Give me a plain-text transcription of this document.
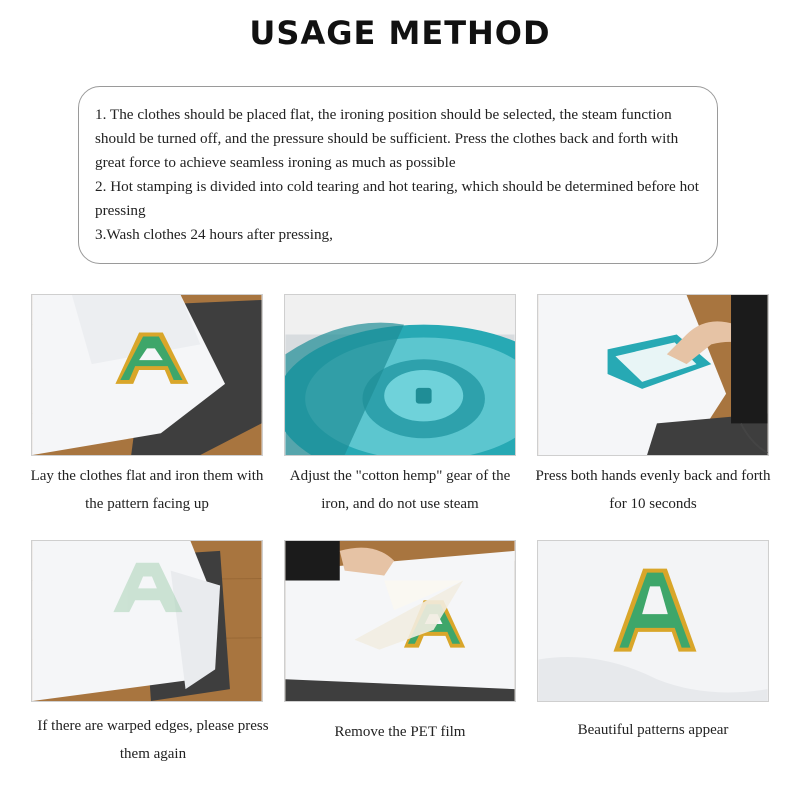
USAGE METHOD

1. The clothes should be placed flat, the ironing position should be selected, the steam function should be turned off, and the pressure should be sufficient. Press the clothes back and forth with great force to achieve seamless ironing as much as possible

2. Hot stamping is divided into cold tearing and hot tearing, which should be determined before hot pressing

3.Wash clothes 24 hours after pressing,

Lay the clothes flat and iron them with the pattern facing up
Adjust the "cotton hemp" gear of the iron, and do not use steam
Press both hands evenly back and forth for 10 seconds
If there are warped edges, please press them again
Remove the PET film	Beautiful patterns appear
